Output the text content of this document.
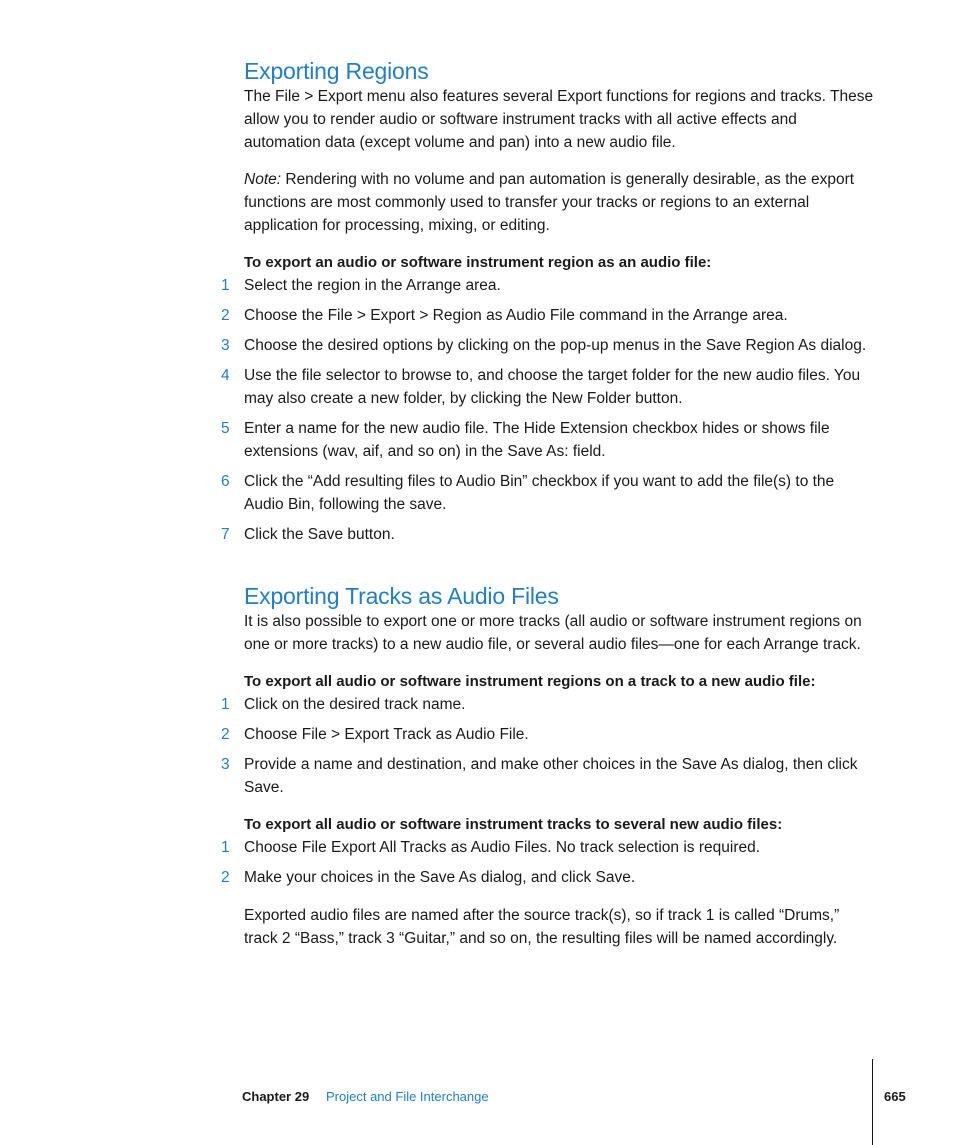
Exporting Regions

The File > Export menu also features several Export functions for regions and tracks. These allow you to render audio or software instrument tracks with all active effects and automation data (except volume and pan) into a new audio file.

Note: Rendering with no volume and pan automation is generally desirable, as the export functions are most commonly used to transfer your tracks or regions to an external application for processing, mixing, or editing.

To export an audio or software instrument region as an audio file:

1 Select the region in the Arrange area.
2 Choose the File > Export > Region as Audio File command in the Arrange area.
3 Choose the desired options by clicking on the pop-up menus in the Save Region As dialog.
4 Use the file selector to browse to, and choose the target folder for the new audio files. You may also create a new folder, by clicking the New Folder button.
5 Enter a name for the new audio file. The Hide Extension checkbox hides or shows file extensions (wav, aif, and so on) in the Save As: field.
6 Click the “Add resulting files to Audio Bin” checkbox if you want to add the file(s) to the Audio Bin, following the save.
7 Click the Save button.
Exporting Tracks as Audio Files

It is also possible to export one or more tracks (all audio or software instrument regions on one or more tracks) to a new audio file, or several audio files—one for each Arrange track.

To export all audio or software instrument regions on a track to a new audio file:

1 Click on the desired track name.
2 Choose File > Export Track as Audio File.
3 Provide a name and destination, and make other choices in the Save As dialog, then click Save.

To export all audio or software instrument tracks to several new audio files:

1 Choose File Export All Tracks as Audio Files. No track selection is required.
2 Make your choices in the Save As dialog, and click Save.

Exported audio files are named after the source track(s), so if track 1 is called “Drums,” track 2 “Bass,” track 3 “Guitar,” and so on, the resulting files will be named accordingly.

Chapter 29 Project and File Interchange	665
